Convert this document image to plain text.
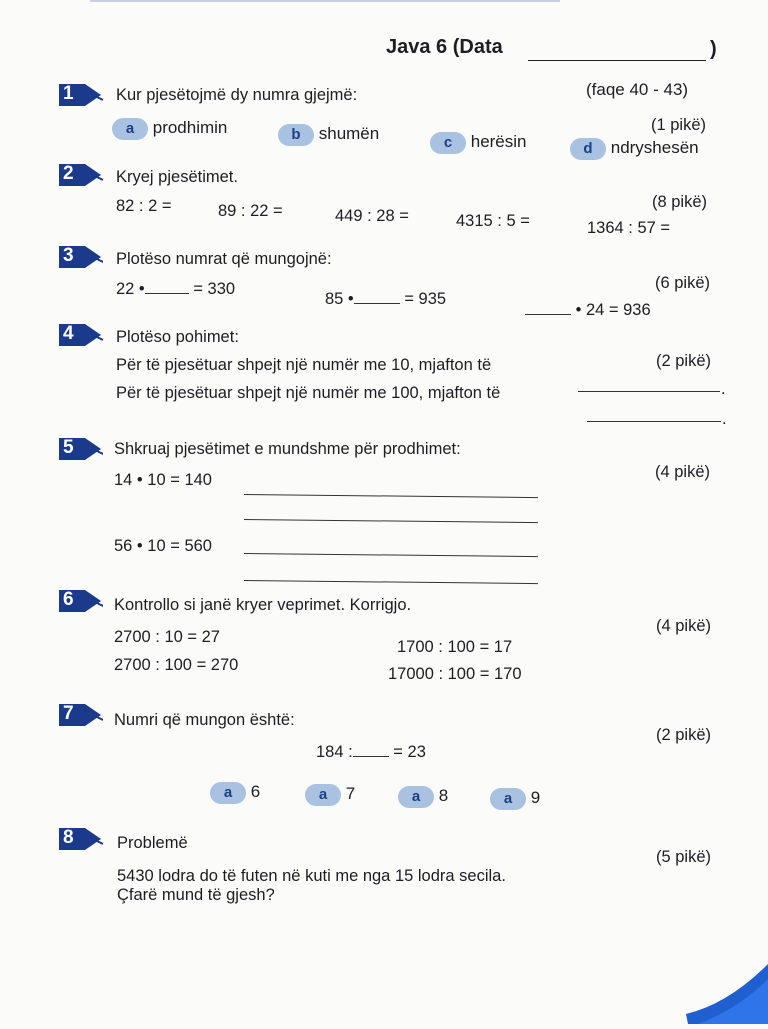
Java 6 (Data	)
(faqe 40 - 43)
1	Kur pjesëtojmë dy numra gjejmë:
(1 pikë)
a prodhimin	b shumën	c herësin	d ndryshesën
2	Kryej pjesëtimet.
(8 pikë)
82 : 2 =	89 : 22 =	449 : 28 =	4315 : 5 =	1364 : 57 =
3	Plotëso numrat që mungojnë:
(6 pikë)
22 •	= 330
85 •	= 935
• 24 = 936
4	Plotëso pohimet:
(2 pikë)
Për të pjesëtuar shpejt një numër me 10, mjafton të
.
Për të pjesëtuar shpejt një numër me 100, mjafton të
.
5 Shkruaj pjesëtimet e mundshme për prodhimet:
(4 pikë)
14 • 10 = 140
56 • 10 = 560
6 Kontrollo si janë kryer veprimet. Korrigjo.
(4 pikë)
2700 : 10 = 27
2700 : 100 = 270
1700 : 100 = 17
17000 : 100 = 170
7 Numri që mungon është:
(2 pikë)
184 : = 23
a 6	a 7	a 8	a 9
8	Problemë
(5 pikë)
5430 lodra do të futen në kuti me nga 15 lodra secila.
Çfarë mund të gjesh?
